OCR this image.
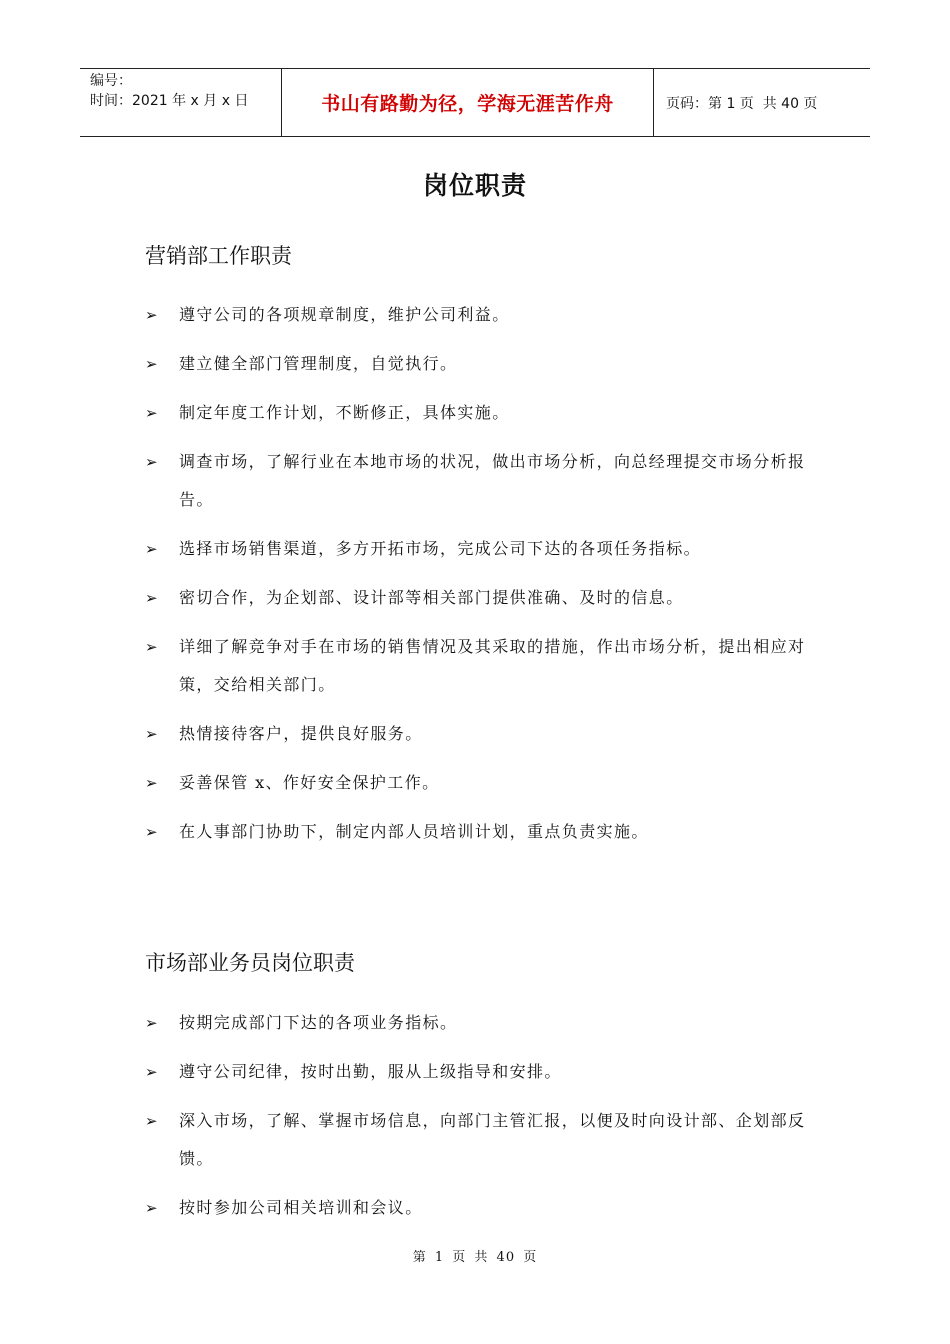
编号：
时间：2021 年 x 月 x 日	书山有路勤为径，学海无涯苦作舟	页码：第 1 页  共 40 页
岗位职责
营销部工作职责
➢ 遵守公司的各项规章制度，维护公司利益。
➢ 建立健全部门管理制度，自觉执行。
➢ 制定年度工作计划，不断修正，具体实施。
➢ 调查市场，了解行业在本地市场的状况，做出市场分析，向总经理提交市场分析报告。
➢ 选择市场销售渠道，多方开拓市场，完成公司下达的各项任务指标。
➢ 密切合作，为企划部、设计部等相关部门提供准确、及时的信息。
➢ 详细了解竞争对手在市场的销售情况及其采取的措施，作出市场分析，提出相应对策，交给相关部门。
➢ 热情接待客户，提供良好服务。
➢ 妥善保管 x、作好安全保护工作。
➢ 在人事部门协助下，制定内部人员培训计划，重点负责实施。
市场部业务员岗位职责
➢ 按期完成部门下达的各项业务指标。
➢ 遵守公司纪律，按时出勤，服从上级指导和安排。
➢ 深入市场，了解、掌握市场信息，向部门主管汇报，以便及时向设计部、企划部反馈。
➢ 按时参加公司相关培训和会议。
第 1 页 共 40 页
